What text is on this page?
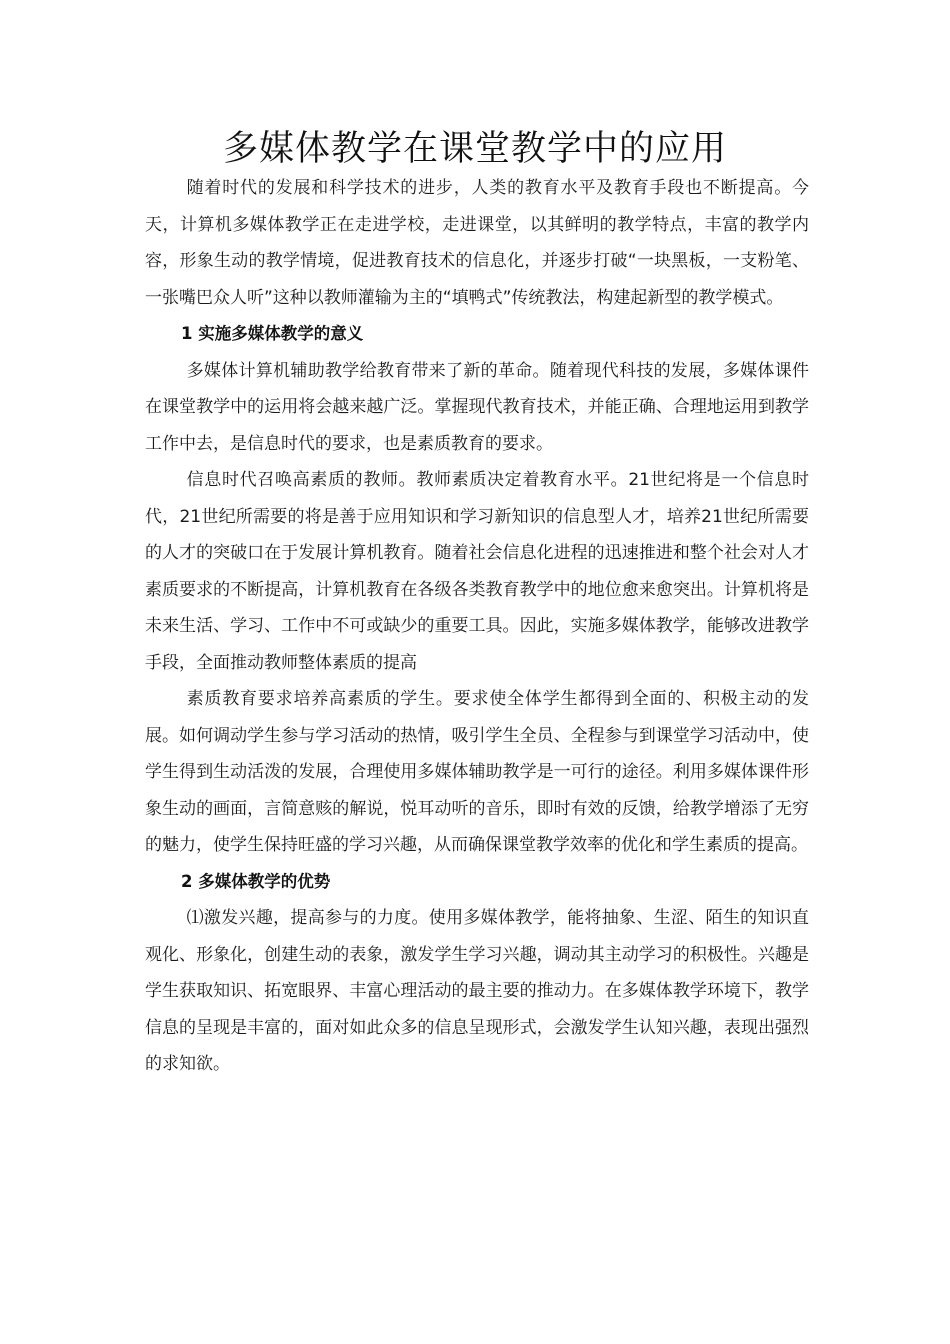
多媒体教学在课堂教学中的应用

随着时代的发展和科学技术的进步，人类的教育水平及教育手段也不断提高。今天，计算机多媒体教学正在走进学校，走进课堂，以其鲜明的教学特点，丰富的教学内容，形象生动的教学情境，促进教育技术的信息化，并逐步打破“一块黑板，一支粉笔、一张嘴巴众人听”这种以教师灌输为主的“填鸭式”传统教法，构建起新型的教学模式。

1 实施多媒体教学的意义

多媒体计算机辅助教学给教育带来了新的革命。随着现代科技的发展，多媒体课件在课堂教学中的运用将会越来越广泛。掌握现代教育技术，并能正确、合理地运用到教学工作中去，是信息时代的要求，也是素质教育的要求。

信息时代召唤高素质的教师。教师素质决定着教育水平。21世纪将是一个信息时代，21世纪所需要的将是善于应用知识和学习新知识的信息型人才，培养21世纪所需要的人才的突破口在于发展计算机教育。随着社会信息化进程的迅速推进和整个社会对人才素质要求的不断提高，计算机教育在各级各类教育教学中的地位愈来愈突出。计算机将是未来生活、学习、工作中不可或缺少的重要工具。因此，实施多媒体教学，能够改进教学手段，全面推动教师整体素质的提高

素质教育要求培养高素质的学生。要求使全体学生都得到全面的、积极主动的发展。如何调动学生参与学习活动的热情，吸引学生全员、全程参与到课堂学习活动中，使学生得到生动活泼的发展，合理使用多媒体辅助教学是一可行的途径。利用多媒体课件形象生动的画面，言简意赅的解说，悦耳动听的音乐，即时有效的反馈，给教学增添了无穷的魅力，使学生保持旺盛的学习兴趣，从而确保课堂教学效率的优化和学生素质的提高。

2 多媒体教学的优势

⑴激发兴趣，提高参与的力度。使用多媒体教学，能将抽象、生涩、陌生的知识直观化、形象化，创建生动的表象，激发学生学习兴趣，调动其主动学习的积极性。兴趣是学生获取知识、拓宽眼界、丰富心理活动的最主要的推动力。在多媒体教学环境下，教学信息的呈现是丰富的，面对如此众多的信息呈现形式，会激发学生认知兴趣，表现出强烈的求知欲。
